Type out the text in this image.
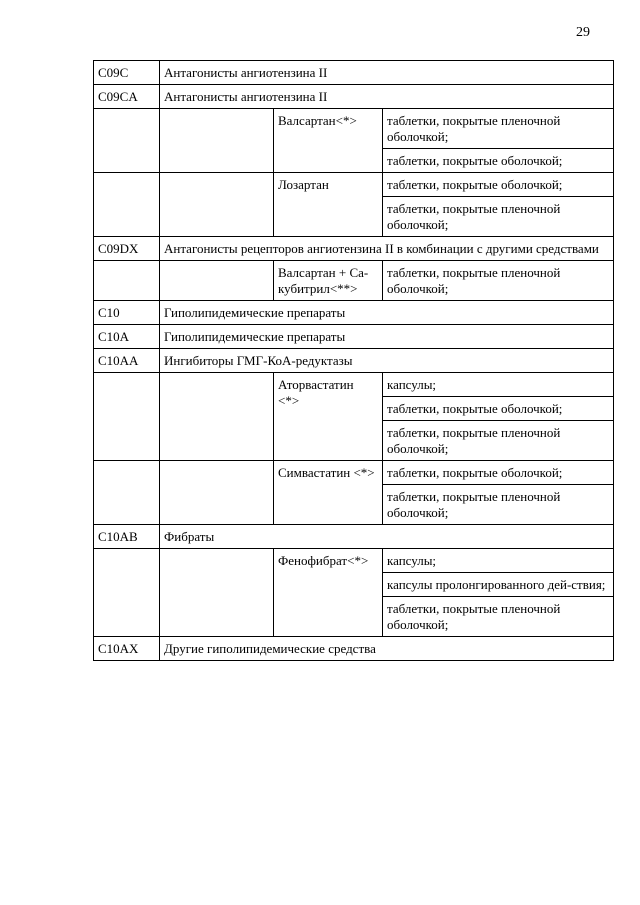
29
C09C	Антагонисты ангиотензина II		
C09CA	Антагонисты ангиотензина II		
		Валсартан<*>	таблетки, покрытые пленочной оболочкой;
			таблетки, покрытые оболочкой;
		Лозартан	таблетки, покрытые оболочкой;
			таблетки, покрытые пленочной оболочкой;
C09DX	Антагонисты рецепторов ангиотензина II в комбинации с другими средствами		
		Валсартан + Са-кубитрил<**>	таблетки, покрытые пленочной оболочкой;
C10	Гиполипидемические препараты		
C10A	Гиполипидемические препараты		
C10AA	Ингибиторы ГМГ-КоА-редуктазы		
		Аторвастатин <*>	капсулы;
			таблетки, покрытые оболочкой;
			таблетки, покрытые пленочной оболочкой;
		Симвастатин <*>	таблетки, покрытые оболочкой;
			таблетки, покрытые пленочной оболочкой;
C10AB	Фибраты		
		Фенофибрат<*>	капсулы;
			капсулы пролонгированного дей-ствия;
			таблетки, покрытые пленочной оболочкой;
C10AX	Другие гиполипидемические средства		
